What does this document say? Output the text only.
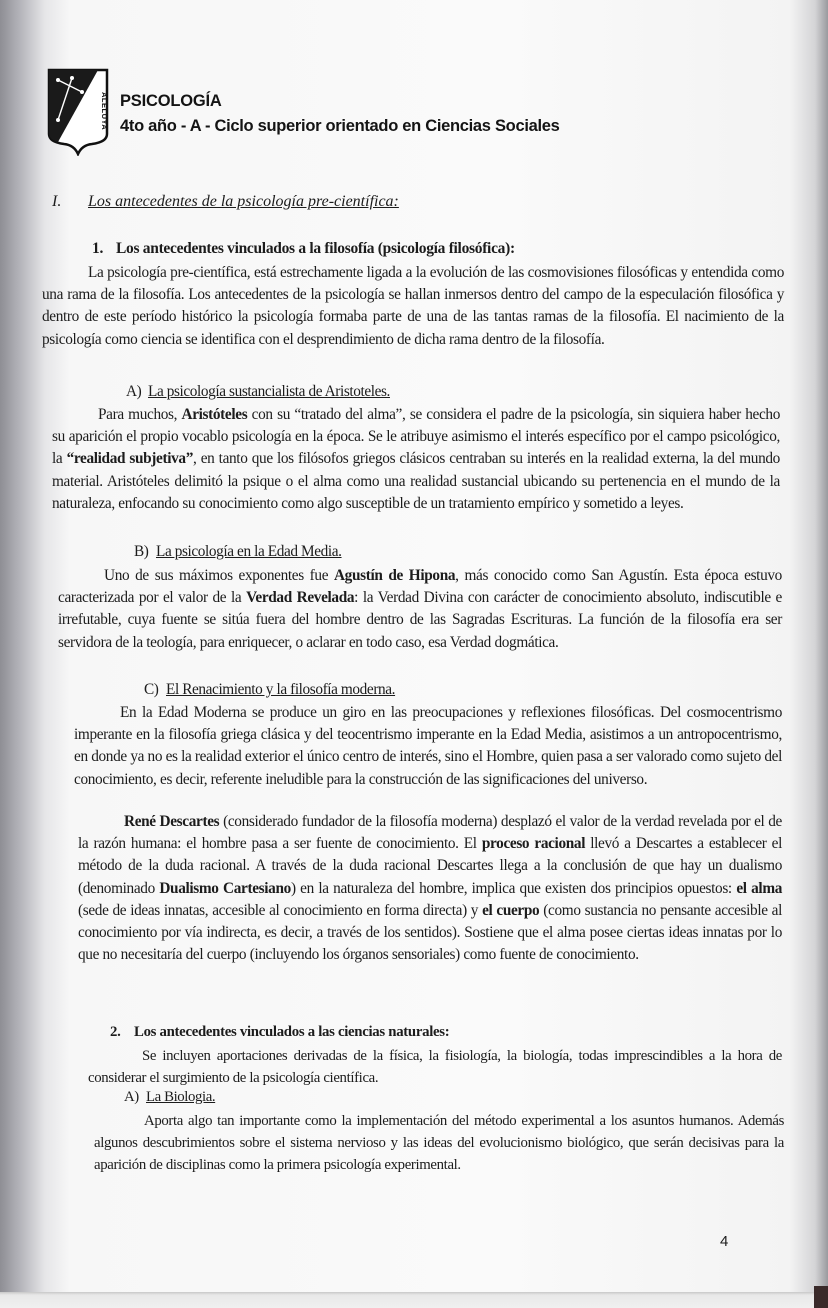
ALELUYA PSICOLOGÍA
4to año - A - Ciclo superior orientado en Ciencias Sociales
I. Los antecedentes de la psicología pre-científica:
1. Los antecedentes vinculados a la filosofía (psicología filosófica):
La psicología pre-científica, está estrechamente ligada a la evolución de las cosmovisiones filosóficas y entendida como una rama de la filosofía. Los antecedentes de la psicología se hallan inmersos dentro del campo de la especulación filosófica y dentro de este período histórico la psicología formaba parte de una de las tantas ramas de la filosofía. El nacimiento de la psicología como ciencia se identifica con el desprendimiento de dicha rama dentro de la filosofía.
A) La psicología sustancialista de Aristoteles.
Para muchos, Aristóteles con su “tratado del alma”, se considera el padre de la psicología, sin siquiera haber hecho su aparición el propio vocablo psicología en la época. Se le atribuye asimismo el interés específico por el campo psicológico, la “realidad subjetiva”, en tanto que los filósofos griegos clásicos centraban su interés en la realidad externa, la del mundo material. Aristóteles delimitó la psique o el alma como una realidad sustancial ubicando su pertenencia en el mundo de la naturaleza, enfocando su conocimiento como algo susceptible de un tratamiento empírico y sometido a leyes.
B) La psicología en la Edad Media.
Uno de sus máximos exponentes fue Agustín de Hipona, más conocido como San Agustín. Esta época estuvo caracterizada por el valor de la Verdad Revelada: la Verdad Divina con carácter de conocimiento absoluto, indiscutible e irrefutable, cuya fuente se sitúa fuera del hombre dentro de las Sagradas Escrituras. La función de la filosofía era ser servidora de la teología, para enriquecer, o aclarar en todo caso, esa Verdad dogmática.
C) El Renacimiento y la filosofía moderna.
En la Edad Moderna se produce un giro en las preocupaciones y reflexiones filosóficas. Del cosmocentrismo imperante en la filosofía griega clásica y del teocentrismo imperante en la Edad Media, asistimos a un antropocentrismo, en donde ya no es la realidad exterior el único centro de interés, sino el Hombre, quien pasa a ser valorado como sujeto del conocimiento, es decir, referente ineludible para la construcción de las significaciones del universo.
René Descartes (considerado fundador de la filosofía moderna) desplazó el valor de la verdad revelada por el de la razón humana: el hombre pasa a ser fuente de conocimiento. El proceso racional llevó a Descartes a establecer el método de la duda racional. A través de la duda racional Descartes llega a la conclusión de que hay un dualismo (denominado Dualismo Cartesiano) en la naturaleza del hombre, implica que existen dos principios opuestos: el alma (sede de ideas innatas, accesible al conocimiento en forma directa) y el cuerpo (como sustancia no pensante accesible al conocimiento por vía indirecta, es decir, a través de los sentidos). Sostiene que el alma posee ciertas ideas innatas por lo que no necesitaría del cuerpo (incluyendo los órganos sensoriales) como fuente de conocimiento.
2. Los antecedentes vinculados a las ciencias naturales:
Se incluyen aportaciones derivadas de la física, la fisiología, la biología, todas imprescindibles a la hora de considerar el surgimiento de la psicología científica.
A) La Biologia.
Aporta algo tan importante como la implementación del método experimental a los asuntos humanos. Además algunos descubrimientos sobre el sistema nervioso y las ideas del evolucionismo biológico, que serán decisivas para la aparición de disciplinas como la primera psicología experimental.
4
